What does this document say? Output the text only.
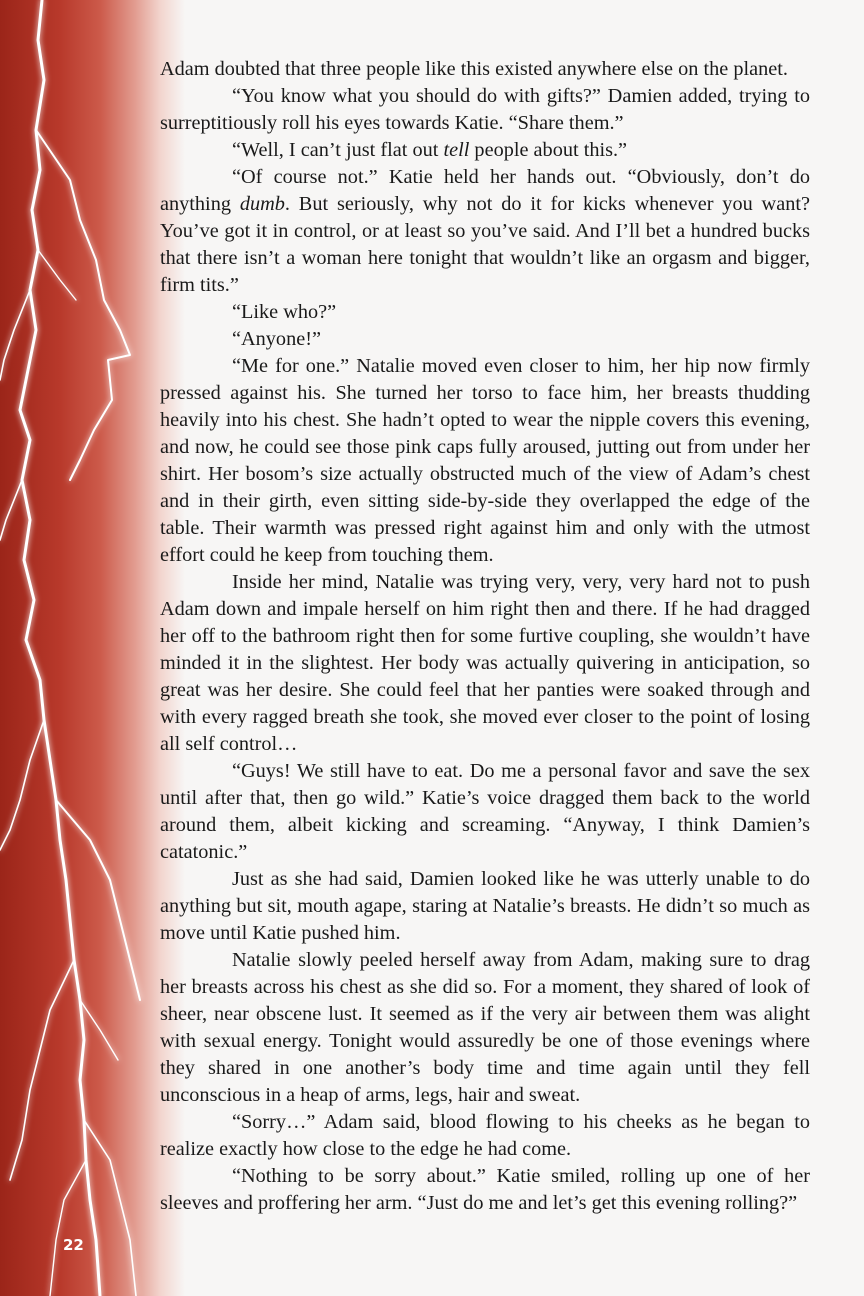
22

Adam doubted that three people like this existed anywhere else on the planet.

“You know what you should do with gifts?” Damien added, trying to surreptitiously roll his eyes towards Katie. “Share them.”

“Well, I can’t just flat out tell people about this.”

“Of course not.” Katie held her hands out. “Obviously, don’t do anything dumb. But seriously, why not do it for kicks whenever you want? You’ve got it in control, or at least so you’ve said. And I’ll bet a hundred bucks that there isn’t a woman here tonight that wouldn’t like an orgasm and bigger, firm tits.”

“Like who?”

“Anyone!”

“Me for one.” Natalie moved even closer to him, her hip now firmly pressed against his. She turned her torso to face him, her breasts thudding heavily into his chest. She hadn’t opted to wear the nipple covers this evening, and now, he could see those pink caps fully aroused, jutting out from under her shirt. Her bosom’s size actually obstructed much of the view of Adam’s chest and in their girth, even sitting side-by-side they overlapped the edge of the table. Their warmth was pressed right against him and only with the utmost effort could he keep from touching them.

Inside her mind, Natalie was trying very, very, very hard not to push Adam down and impale herself on him right then and there. If he had dragged her off to the bathroom right then for some furtive coupling, she wouldn’t have minded it in the slightest. Her body was actually quivering in anticipation, so great was her desire. She could feel that her panties were soaked through and with every ragged breath she took, she moved ever closer to the point of losing all self control…

“Guys! We still have to eat. Do me a personal favor and save the sex until after that, then go wild.” Katie’s voice dragged them back to the world around them, albeit kicking and screaming. “Anyway, I think Damien’s catatonic.”

Just as she had said, Damien looked like he was utterly unable to do anything but sit, mouth agape, staring at Natalie’s breasts. He didn’t so much as move until Katie pushed him.

Natalie slowly peeled herself away from Adam, making sure to drag her breasts across his chest as she did so. For a moment, they shared of look of sheer, near obscene lust. It seemed as if the very air between them was alight with sexual energy. Tonight would assuredly be one of those evenings where they shared in one another’s body time and time again until they fell unconscious in a heap of arms, legs, hair and sweat.

“Sorry…” Adam said, blood flowing to his cheeks as he began to realize exactly how close to the edge he had come.

“Nothing to be sorry about.” Katie smiled, rolling up one of her sleeves and proffering her arm. “Just do me and let’s get this evening rolling?”
